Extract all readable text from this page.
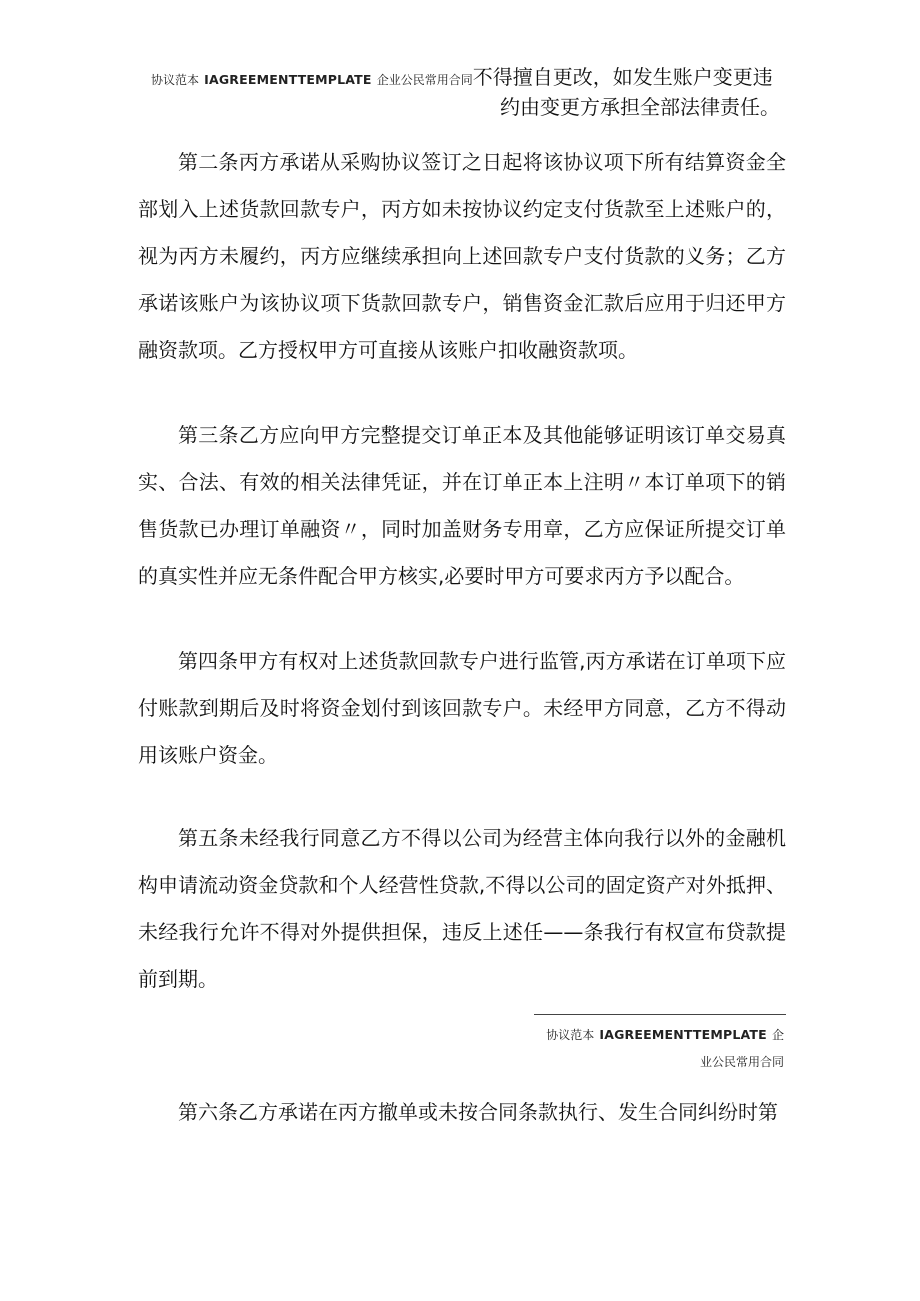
协议范本 IAGREEMENTTEMPLATE 企业公民常用合同不得擅自更改，如发生账户变更违
约由变更方承担全部法律责任。

第二条丙方承诺从采购协议签订之日起将该协议项下所有结算资金全部划入上述货款回款专户，丙方如未按协议约定支付货款至上述账户的，视为丙方未履约，丙方应继续承担向上述回款专户支付货款的义务；乙方承诺该账户为该协议项下货款回款专户，销售资金汇款后应用于归还甲方融资款项。乙方授权甲方可直接从该账户扣收融资款项。

第三条乙方应向甲方完整提交订单正本及其他能够证明该订单交易真实、合法、有效的相关法律凭证，并在订单正本上注明〃本订单项下的销售货款已办理订单融资〃，同时加盖财务专用章，乙方应保证所提交订单的真实性并应无条件配合甲方核实,必要时甲方可要求丙方予以配合。

第四条甲方有权对上述货款回款专户进行监管,丙方承诺在订单项下应付账款到期后及时将资金划付到该回款专户。未经甲方同意，乙方不得动用该账户资金。

第五条未经我行同意乙方不得以公司为经营主体向我行以外的金融机构申请流动资金贷款和个人经营性贷款,不得以公司的固定资产对外抵押、未经我行允许不得对外提供担保，违反上述任——条我行有权宣布贷款提前到期。

协议范本 IAGREEMENTTEMPLATE 企
业公民常用合同

第六条乙方承诺在丙方撤单或未按合同条款执行、发生合同纠纷时第
